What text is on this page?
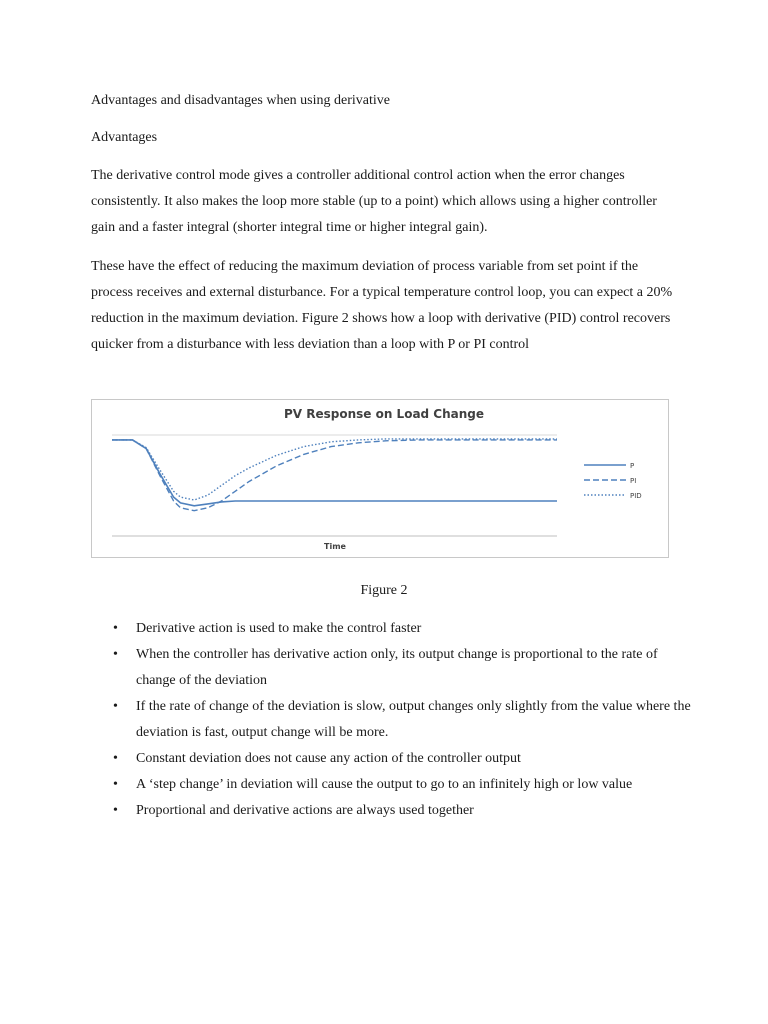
Advantages and disadvantages when using derivative

Advantages

The derivative control mode gives a controller additional control action when the error changes consistently. It also makes the loop more stable (up to a point) which allows using a higher controller gain and a faster integral (shorter integral time or higher integral gain).

These have the effect of reducing the maximum deviation of process variable from set point if the process receives and external disturbance. For a typical temperature control loop, you can expect a 20% reduction in the maximum deviation. Figure 2 shows how a loop with derivative (PID) control recovers quicker from a disturbance with less deviation than a loop with P or PI control

PV Response on Load Change
Time
P
PI
PID

Figure 2

• Derivative action is used to make the control faster
• When the controller has derivative action only, its output change is proportional to the rate of change of the deviation
• If the rate of change of the deviation is slow, output changes only slightly from the value where the deviation is fast, output change will be more.
• Constant deviation does not cause any action of the controller output
• A ‘step change’ in deviation will cause the output to go to an infinitely high or low value
• Proportional and derivative actions are always used together
